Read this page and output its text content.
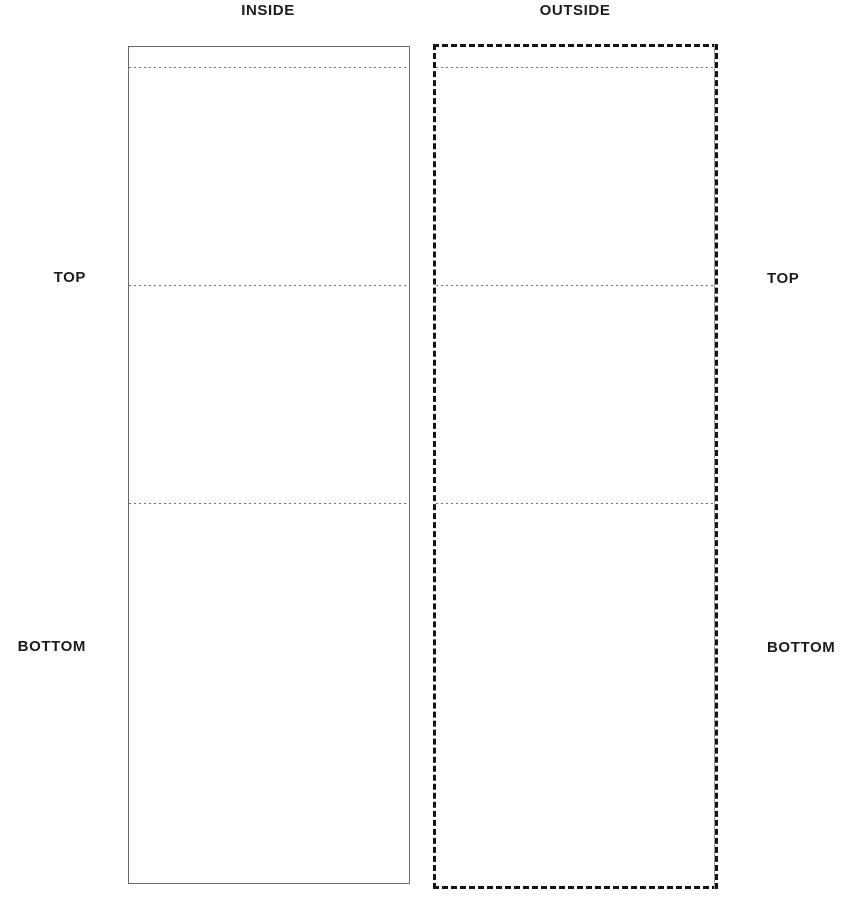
INSIDE	OUTSIDE
TOP
BOTTOM
TOP
BOTTOM
